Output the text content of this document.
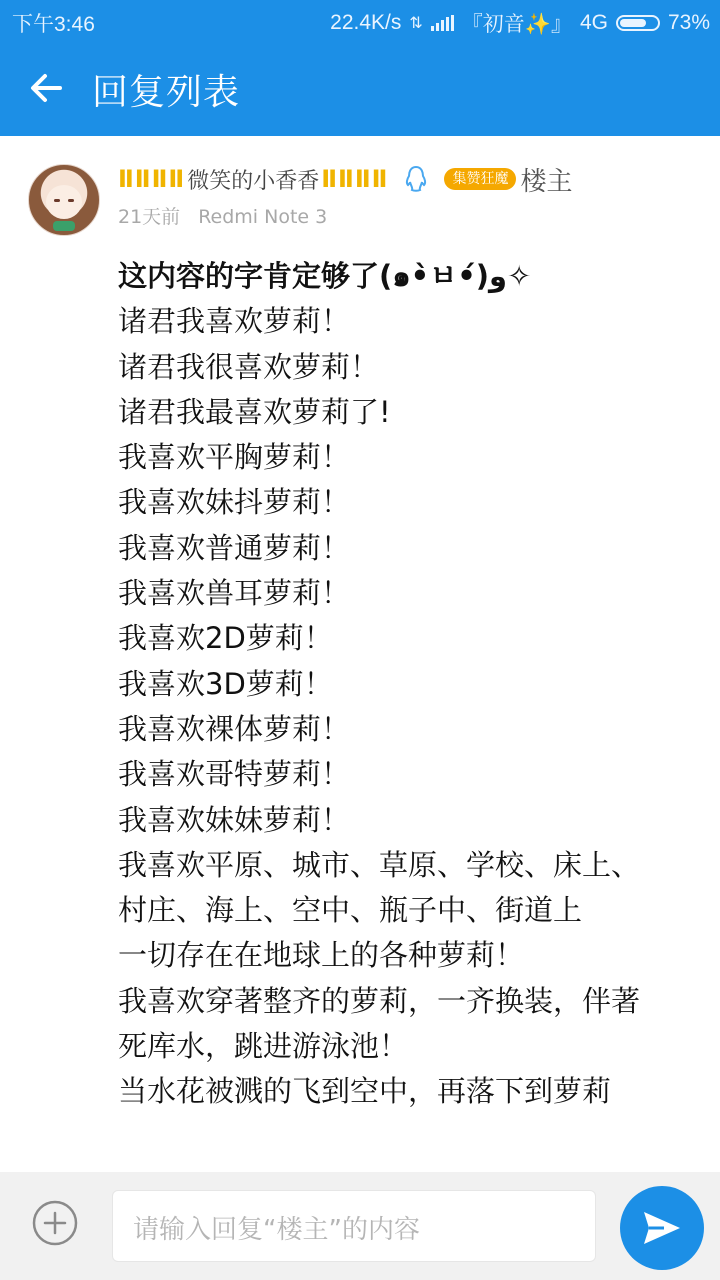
下午3:46	22.4K/s ⇅ 『初音✨』 4G	73%
回复列表
ⅡⅡⅡⅡ 微笑的小香香 ⅡⅡⅡⅡ	集赞狂魔 楼主
21天前 Redmi Note 3
这内容的字肯定够了(๑•̀ㅂ•́)و✧
诸君我喜欢萝莉！
诸君我很喜欢萝莉！
诸君我最喜欢萝莉了!
我喜欢平胸萝莉！
我喜欢妹抖萝莉！
我喜欢普通萝莉！
我喜欢兽耳萝莉！
我喜欢2D萝莉！
我喜欢3D萝莉！
我喜欢裸体萝莉！
我喜欢哥特萝莉！
我喜欢妹妹萝莉！
我喜欢平原、城市、草原、学校、床上、村庄、海上、空中、瓶子中、街道上
一切存在在地球上的各种萝莉！
我喜欢穿著整齐的萝莉，一齐换装，伴著死库水，跳进游泳池！
当水花被溅的飞到空中，再落下到萝莉
请输入回复“楼主”的内容
